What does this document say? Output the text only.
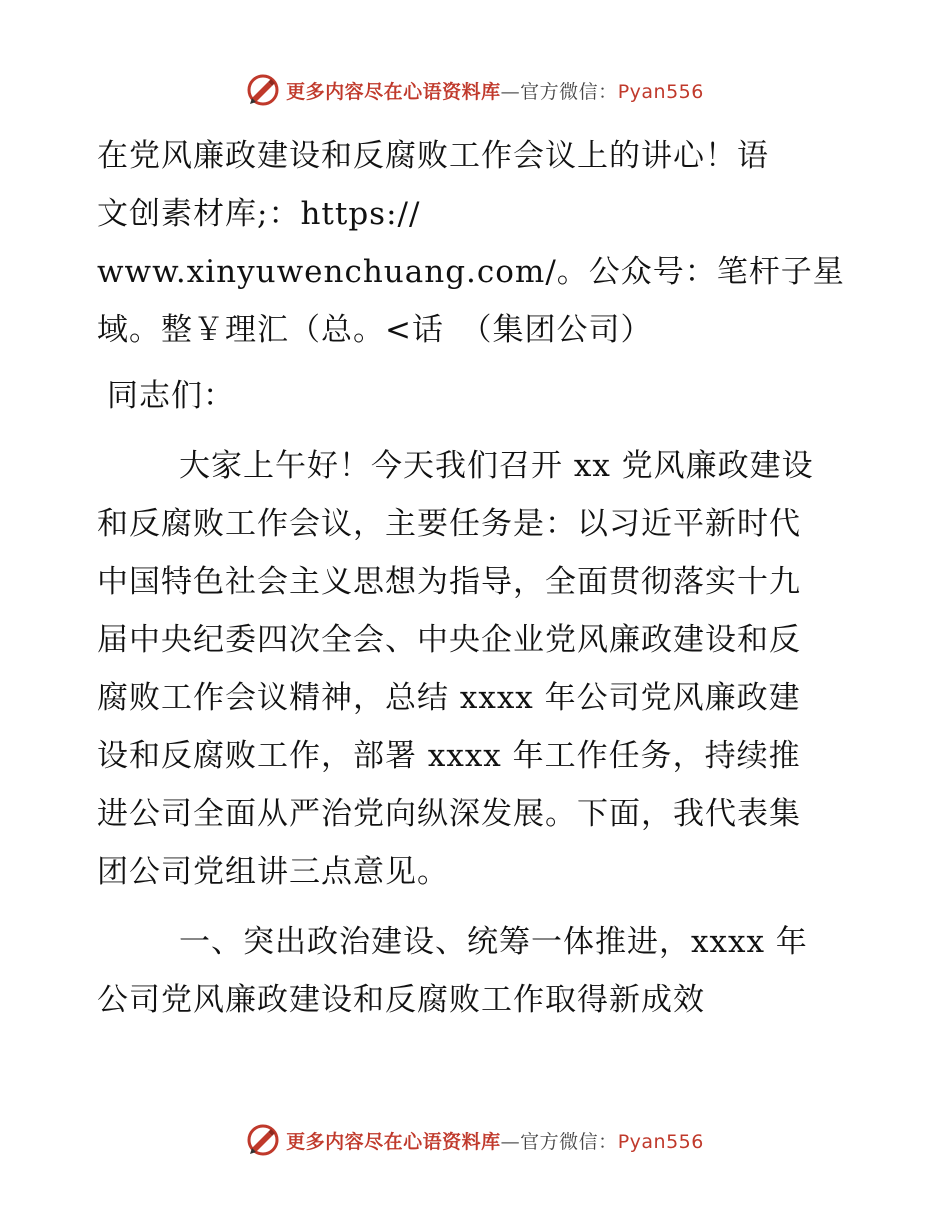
更多内容尽在心语资料库—官方微信：Pyan556

在党风廉政建设和反腐败工作会议上的讲心！语

文创素材库;：https://

www.xinyuwenchuang.com/。公众号：笔杆子星

域。整￥理汇（总。<话　（集团公司）

同志们：

大家上午好！今天我们召开 xx 党风廉政建设

和反腐败工作会议，主要任务是：以习近平新时代

中国特色社会主义思想为指导，全面贯彻落实十九

届中央纪委四次全会、中央企业党风廉政建设和反

腐败工作会议精神，总结 xxxx 年公司党风廉政建

设和反腐败工作，部署 xxxx 年工作任务，持续推

进公司全面从严治党向纵深发展。下面，我代表集

团公司党组讲三点意见。

一、突出政治建设、统筹一体推进，xxxx 年

公司党风廉政建设和反腐败工作取得新成效

更多内容尽在心语资料库—官方微信：Pyan556
